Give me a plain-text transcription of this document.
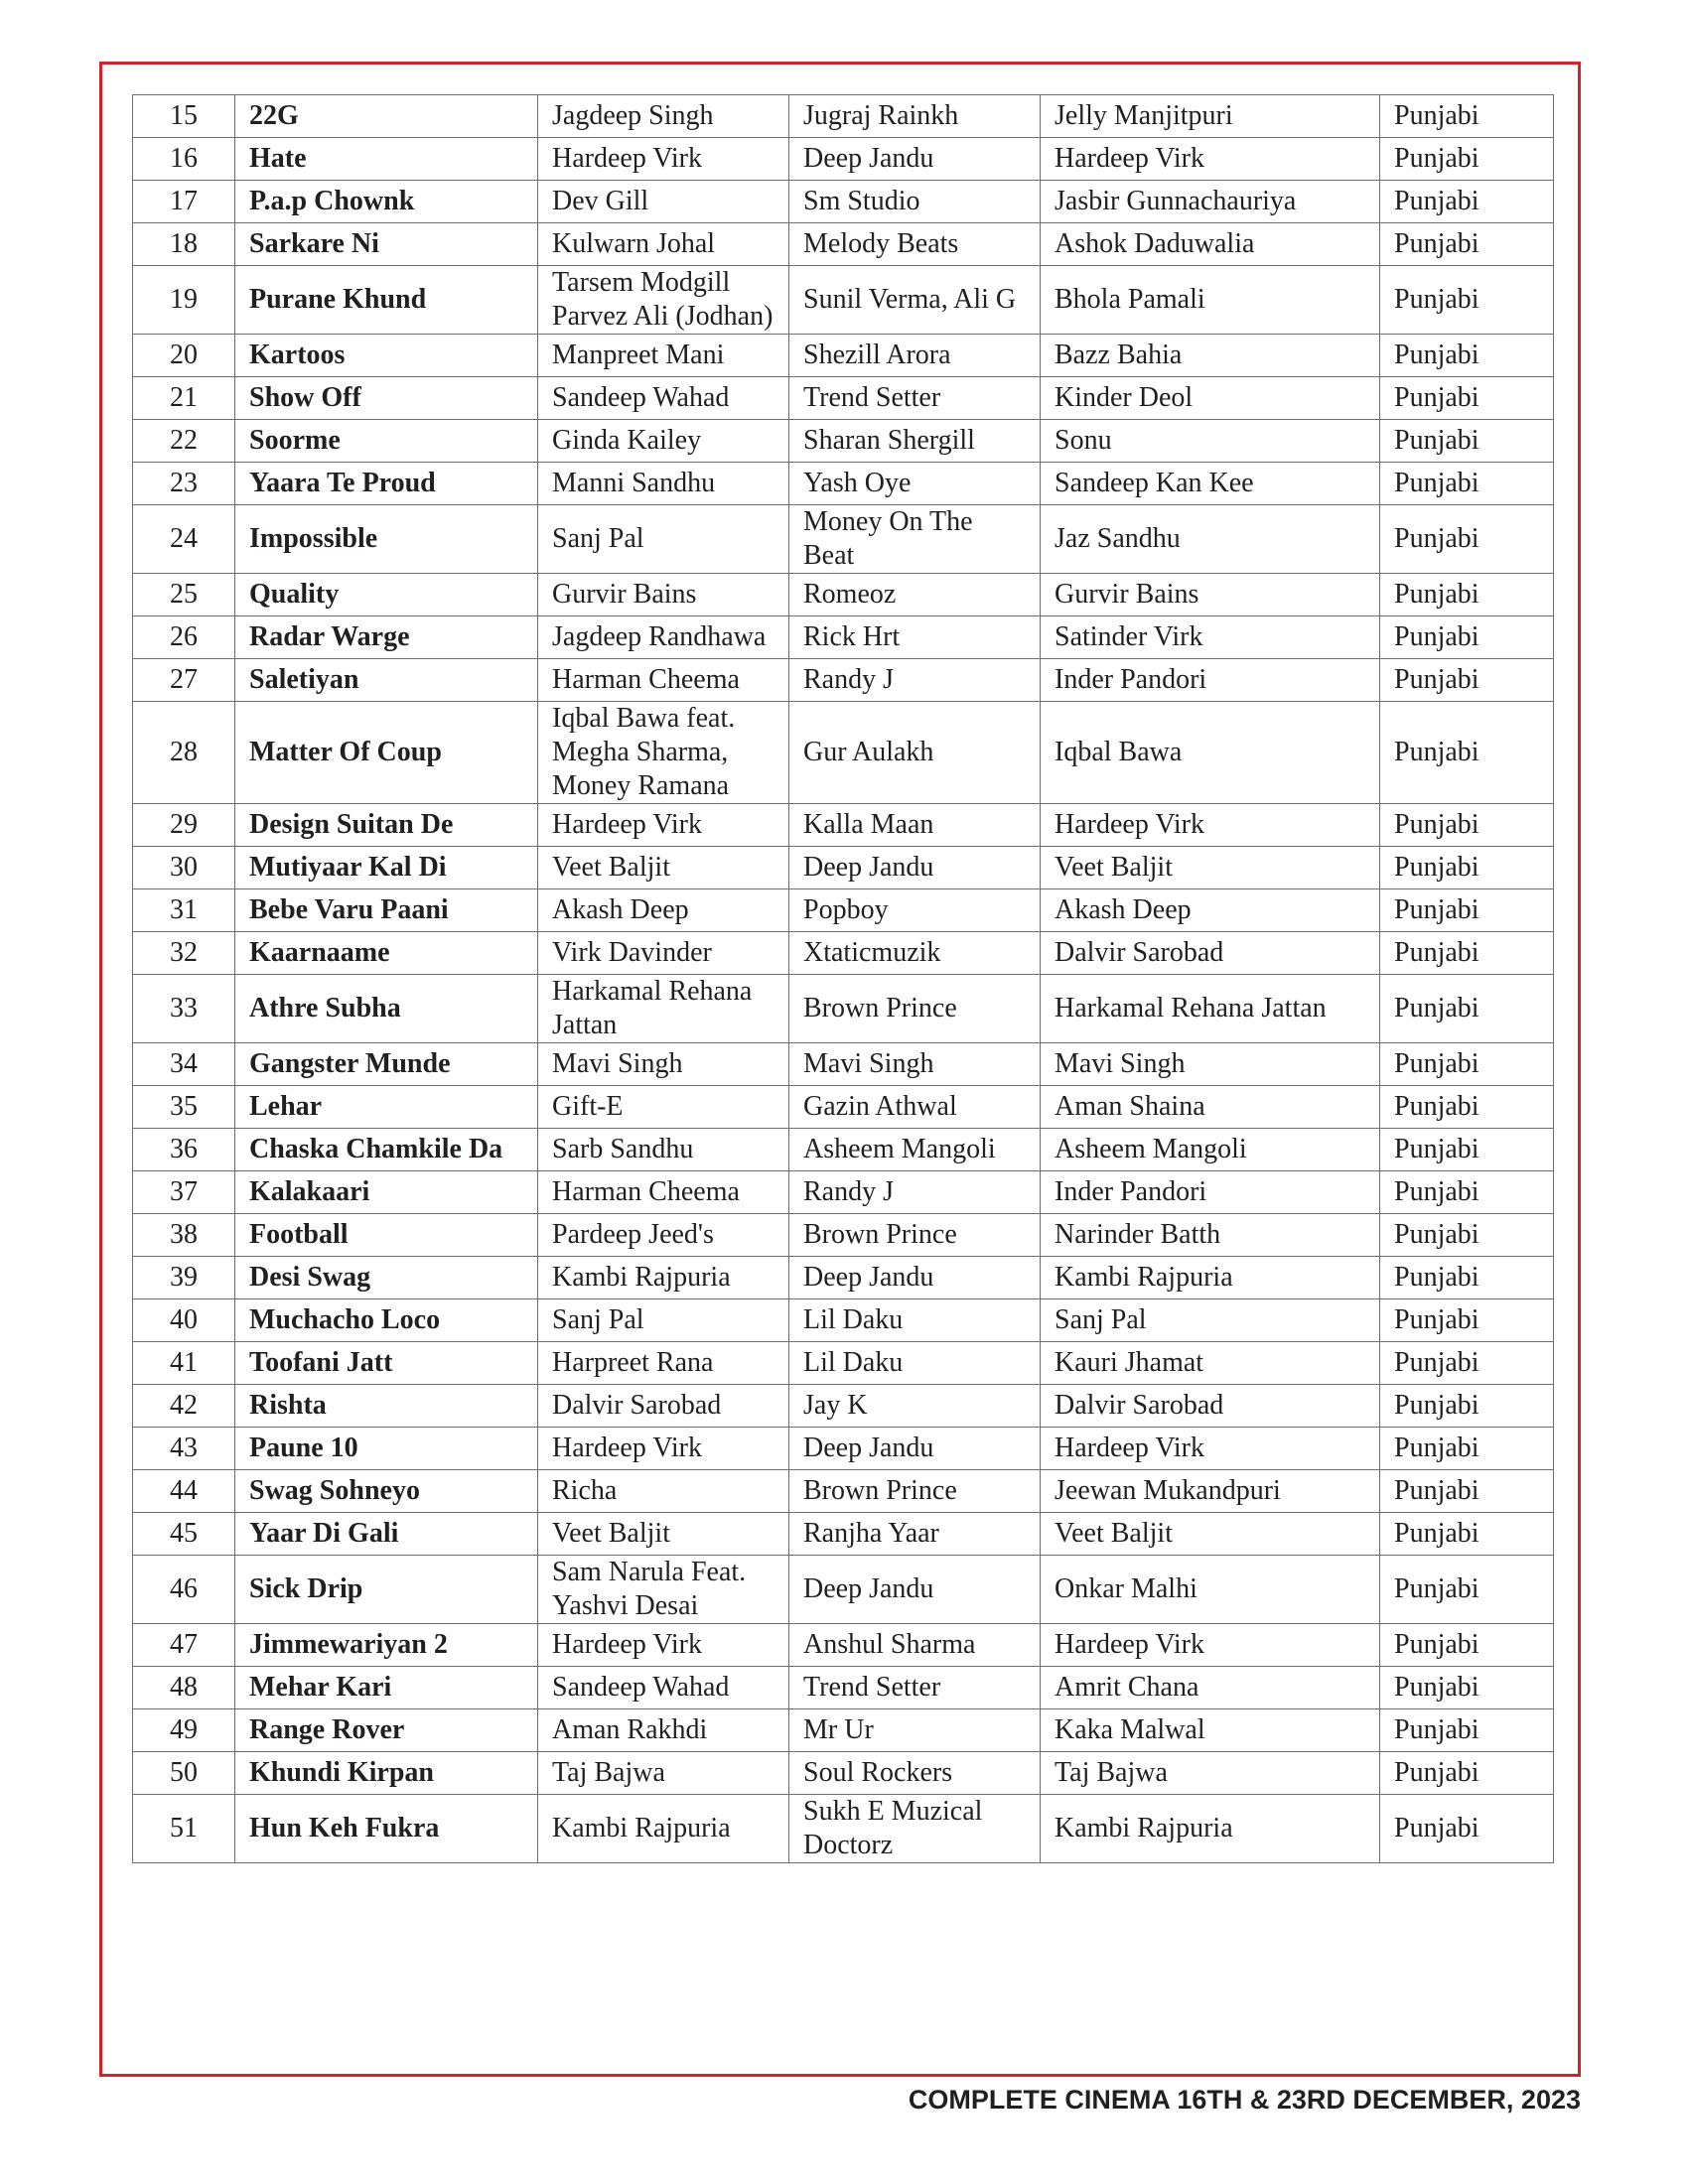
15	22G	Jagdeep Singh	Jugraj Rainkh	Jelly Manjitpuri	Punjabi
16	Hate	Hardeep Virk	Deep Jandu	Hardeep Virk	Punjabi
17	P.a.p Chownk	Dev Gill	Sm Studio	Jasbir Gunnachauriya	Punjabi
18	Sarkare Ni	Kulwarn Johal	Melody Beats	Ashok Daduwalia	Punjabi
19	Purane Khund	Tarsem Modgill Parvez Ali (Jodhan)	Sunil Verma, Ali G	Bhola Pamali	Punjabi
20	Kartoos	Manpreet Mani	Shezill Arora	Bazz Bahia	Punjabi
21	Show Off	Sandeep Wahad	Trend Setter	Kinder Deol	Punjabi
22	Soorme	Ginda Kailey	Sharan Shergill	Sonu	Punjabi
23	Yaara Te Proud	Manni Sandhu	Yash Oye	Sandeep Kan Kee	Punjabi
24	Impossible	Sanj Pal	Money On The Beat	Jaz Sandhu	Punjabi
25	Quality	Gurvir Bains	Romeoz	Gurvir Bains	Punjabi
26	Radar Warge	Jagdeep Randhawa	Rick Hrt	Satinder Virk	Punjabi
27	Saletiyan	Harman Cheema	Randy J	Inder Pandori	Punjabi
28	Matter Of Coup	Iqbal Bawa feat. Megha Sharma, Money Ramana	Gur Aulakh	Iqbal Bawa	Punjabi
29	Design Suitan De	Hardeep Virk	Kalla Maan	Hardeep Virk	Punjabi
30	Mutiyaar Kal Di	Veet Baljit	Deep Jandu	Veet Baljit	Punjabi
31	Bebe Varu Paani	Akash Deep	Popboy	Akash Deep	Punjabi
32	Kaarnaame	Virk Davinder	Xtaticmuzik	Dalvir Sarobad	Punjabi
33	Athre Subha	Harkamal Rehana Jattan	Brown Prince	Harkamal Rehana Jattan	Punjabi
34	Gangster Munde	Mavi Singh	Mavi Singh	Mavi Singh	Punjabi
35	Lehar	Gift-E	Gazin Athwal	Aman Shaina	Punjabi
36	Chaska Chamkile Da	Sarb Sandhu	Asheem Mangoli	Asheem Mangoli	Punjabi
37	Kalakaari	Harman Cheema	Randy J	Inder Pandori	Punjabi
38	Football	Pardeep Jeed's	Brown Prince	Narinder Batth	Punjabi
39	Desi Swag	Kambi Rajpuria	Deep Jandu	Kambi Rajpuria	Punjabi
40	Muchacho Loco	Sanj Pal	Lil Daku	Sanj Pal	Punjabi
41	Toofani Jatt	Harpreet Rana	Lil Daku	Kauri Jhamat	Punjabi
42	Rishta	Dalvir Sarobad	Jay K	Dalvir Sarobad	Punjabi
43	Paune 10	Hardeep Virk	Deep Jandu	Hardeep Virk	Punjabi
44	Swag Sohneyo	Richa	Brown Prince	Jeewan Mukandpuri	Punjabi
45	Yaar Di Gali	Veet Baljit	Ranjha Yaar	Veet Baljit	Punjabi
46	Sick Drip	Sam Narula Feat. Yashvi Desai	Deep Jandu	Onkar Malhi	Punjabi
47	Jimmewariyan 2	Hardeep Virk	Anshul Sharma	Hardeep Virk	Punjabi
48	Mehar Kari	Sandeep Wahad	Trend Setter	Amrit Chana	Punjabi
49	Range Rover	Aman Rakhdi	Mr Ur	Kaka Malwal	Punjabi
50	Khundi Kirpan	Taj Bajwa	Soul Rockers	Taj Bajwa	Punjabi
51	Hun Keh Fukra	Kambi Rajpuria	Sukh E Muzical Doctorz	Kambi Rajpuria	Punjabi
COMPLETE CINEMA 16TH & 23RD DECEMBER, 2023
